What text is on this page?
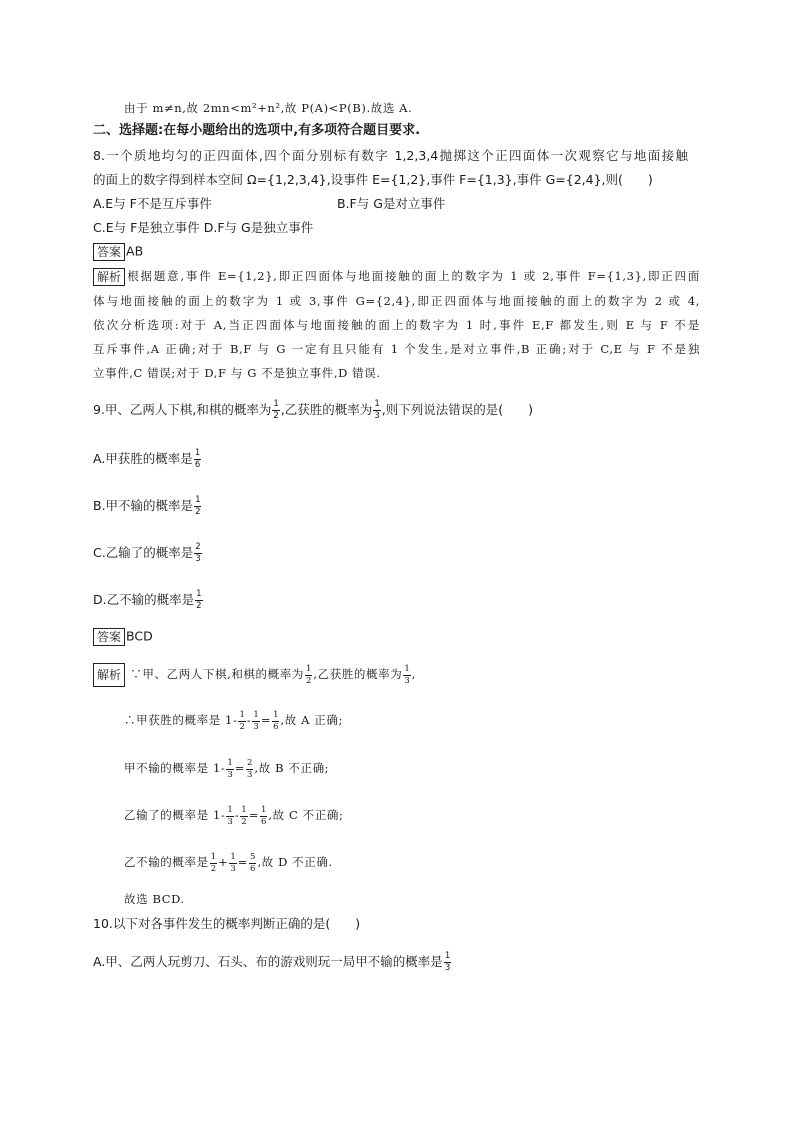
由于 m≠n,故 2mn<m²+n²,故 P(A)<P(B).故选 A.
二、选择题:在每小题给出的选项中,有多项符合题目要求.
8.一个质地均匀的正四面体,四个面分别标有数字 1,2,3,4抛掷这个正四面体一次观察它与地面接触
的面上的数字得到样本空间 Ω={1,2,3,4},设事件 E={1,2},事件 F={1,3},事件 G={2,4},则(　　)
A.E与 F不是互斥事件	B.F与 G是对立事件
C.E与 F是独立事件 D.F与 G是独立事件
答案 AB
解析 根据题意,事件 E={1,2},即正四面体与地面接触的面上的数字为 1 或 2,事件 F={1,3},即正四面
体与地面接触的面上的数字为 1 或 3,事件 G={2,4},即正四面体与地面接触的面上的数字为 2 或 4,
依次分析选项:对于 A,当正四面体与地面接触的面上的数字为 1 时,事件 E,F 都发生,则 E 与 F 不是
互斥事件,A 正确;对于 B,F 与 G 一定有且只能有 1 个发生,是对立事件,B 正确;对于 C,E 与 F 不是独
立事件,C 错误;对于 D,F 与 G 不是独立事件,D 错误.
9.甲、乙两人下棋,和棋的概率为 $\frac{1}{2}$ ,乙获胜的概率为 $\frac{1}{3}$ ,则下列说法错误的是(　　)
A.甲获胜的概率是 $\frac{1}{6}$
B.甲不输的概率是 $\frac{1}{2}$
C.乙输了的概率是 $\frac{2}{3}$
D.乙不输的概率是 $\frac{1}{2}$
答案 BCD
解析 ∵甲、乙两人下棋,和棋的概率为 $\frac{1}{2}$ ,乙获胜的概率为 $\frac{1}{3}$ ,
∴甲获胜的概率是 $1- \frac{1}{2} - \frac{1}{3} = \frac{1}{6}$ ,故 A 正确;
甲不输的概率是 $1- \frac{1}{3} = \frac{2}{3}$ ,故 B 不正确;
乙输了的概率是 $1- \frac{1}{3} - \frac{1}{2} = \frac{1}{6}$ ,故 C 不正确;
乙不输的概率是 $\frac{1}{2} + \frac{1}{3} = \frac{5}{6}$ ,故 D 不正确.
故选 BCD.
10.以下对各事件发生的概率判断正确的是(　　)
A.甲、乙两人玩剪刀、石头、布的游戏则玩一局甲不输的概率是 $\frac{1}{3}$
